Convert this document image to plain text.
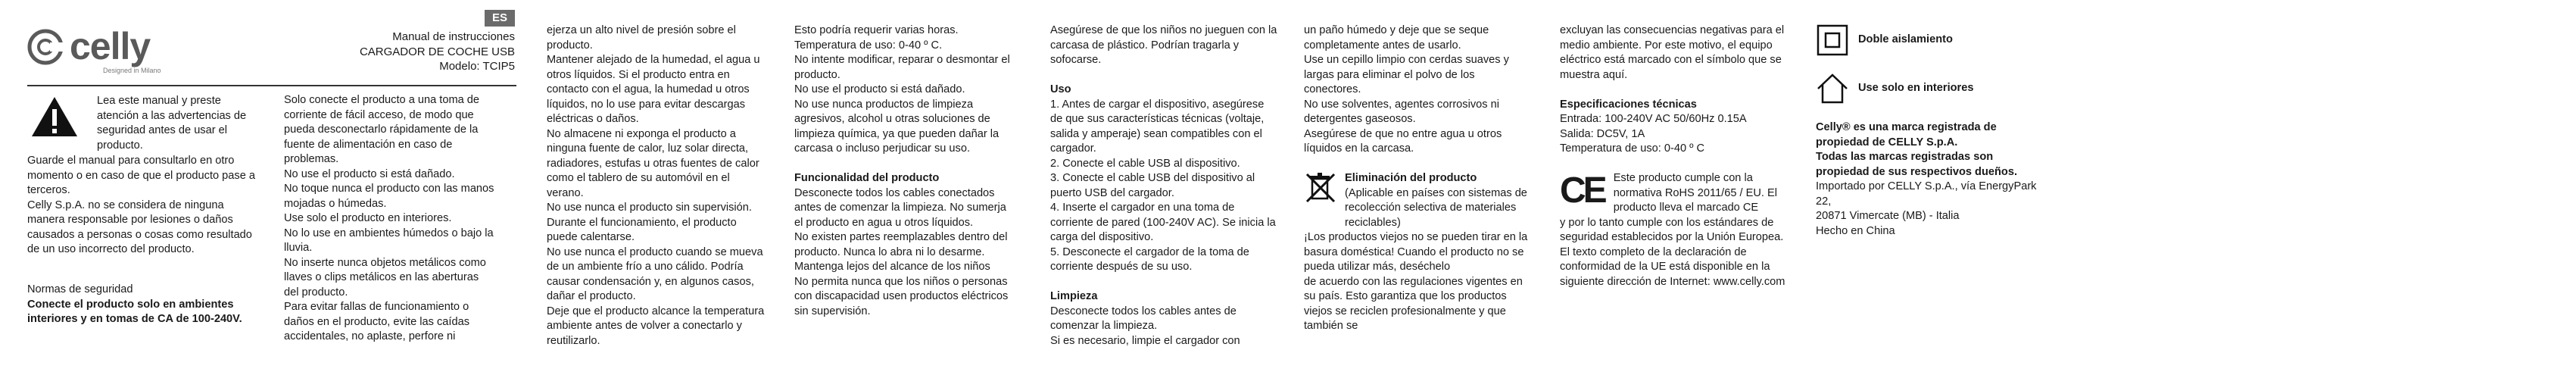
celly
Designed in Milano
ES
Manual de instrucciones
CARGADOR DE COCHE USB
Modelo: TCIP5

Lea este manual y preste atención a las advertencias de seguridad antes de usar el producto.

Guarde el manual para consultarlo en otro momento o en caso de que el producto pase a terceros.
Celly S.p.A. no se considera de ninguna manera responsable por lesiones o daños causados a personas o cosas como resultado de un uso incorrecto del producto.

Normas de seguridad

Conecte el producto solo en ambientes interiores y en tomas de CA de 100-240V.

Solo conecte el producto a una toma de corriente de fácil acceso, de modo que pueda desconectarlo rápidamente de la fuente de alimentación en caso de problemas.
No use el producto si está dañado.
No toque nunca el producto con las manos mojadas o húmedas.
Use solo el producto en interiores.
No lo use en ambientes húmedos o bajo la lluvia.
No inserte nunca objetos metálicos como llaves o clips metálicos en las aberturas del producto.
Para evitar fallas de funcionamiento o daños en el producto, evite las caídas accidentales, no aplaste, perfore ni

ejerza un alto nivel de presión sobre el producto.
Mantener alejado de la humedad, el agua u otros líquidos. Si el producto entra en contacto con el agua, la humedad u otros líquidos, no lo use para evitar descargas eléctricas o daños.
No almacene ni exponga el producto a ninguna fuente de calor, luz solar directa, radiadores, estufas u otras fuentes de calor como el tablero de su automóvil en el verano.
No use nunca el producto sin supervisión. Durante el funcionamiento, el producto puede calentarse.
No use nunca el producto cuando se mueva de un ambiente frío a uno cálido. Podría causar condensación y, en algunos casos, dañar el producto.
Deje que el producto alcance la temperatura ambiente antes de volver a conectarlo y reutilizarlo.

Esto podría requerir varias horas.
Temperatura de uso: 0-40 º C.
No intente modificar, reparar o desmontar el producto.
No use el producto si está dañado.
No use nunca productos de limpieza agresivos, alcohol u otras soluciones de limpieza química, ya que pueden dañar la carcasa o incluso perjudicar su uso.

Funcionalidad del producto

Desconecte todos los cables conectados antes de comenzar la limpieza. No sumerja el producto en agua u otros líquidos.
No existen partes reemplazables dentro del producto. Nunca lo abra ni lo desarme.
Mantenga lejos del alcance de los niños
No permita nunca que los niños o personas con discapacidad usen productos eléctricos sin supervisión.

Asegúrese de que los niños no jueguen con la carcasa de plástico. Podrían tragarla y sofocarse.

Uso

1. Antes de cargar el dispositivo, asegúrese de que sus características técnicas (voltaje, salida y amperaje) sean compatibles con el cargador.
2. Conecte el cable USB al dispositivo.
3. Conecte el cable USB del dispositivo al puerto USB del cargador.
4. Inserte el cargador en una toma de corriente de pared (100-240V AC). Se inicia la carga del dispositivo.
5. Desconecte el cargador de la toma de corriente después de su uso.

Limpieza

Desconecte todos los cables antes de comenzar la limpieza.
Si es necesario, limpie el cargador con

un paño húmedo y deje que se seque completamente antes de usarlo.
Use un cepillo limpio con cerdas suaves y largas para eliminar el polvo de los conectores.
No use solventes, agentes corrosivos ni detergentes gaseosos.
Asegúrese de que no entre agua u otros líquidos en la carcasa.

Eliminación del producto

(Aplicable en países con sistemas de recolección selectiva de materiales reciclables)

¡Los productos viejos no se pueden tirar en la basura doméstica! Cuando el producto no se pueda utilizar más, deséchelo
de acuerdo con las regulaciones vigentes en su país. Esto garantiza que los productos viejos se reciclen profesionalmente y que también se

excluyan las consecuencias negativas para el medio ambiente. Por este motivo, el equipo eléctrico está marcado con el símbolo que se muestra aquí.

Especificaciones técnicas

Entrada: 100-240V AC 50/60Hz 0.15A
Salida: DC5V, 1A
Temperatura de uso: 0-40 º C

CE Este producto cumple con la normativa RoHS 2011/65 / EU. El producto lleva el marcado CE

y por lo tanto cumple con los estándares de seguridad establecidos por la Unión Europea. El texto completo de la declaración de conformidad de la UE está disponible en la siguiente dirección de Internet: www.celly.com

Doble aislamiento
Use solo en interiores

Celly® es una marca registrada de propiedad de CELLY S.p.A.
Todas las marcas registradas son propiedad de sus respectivos dueños.

Importado por CELLY S.p.A., vía EnergyPark 22,
20871 Vimercate (MB) - Italia
Hecho en China
